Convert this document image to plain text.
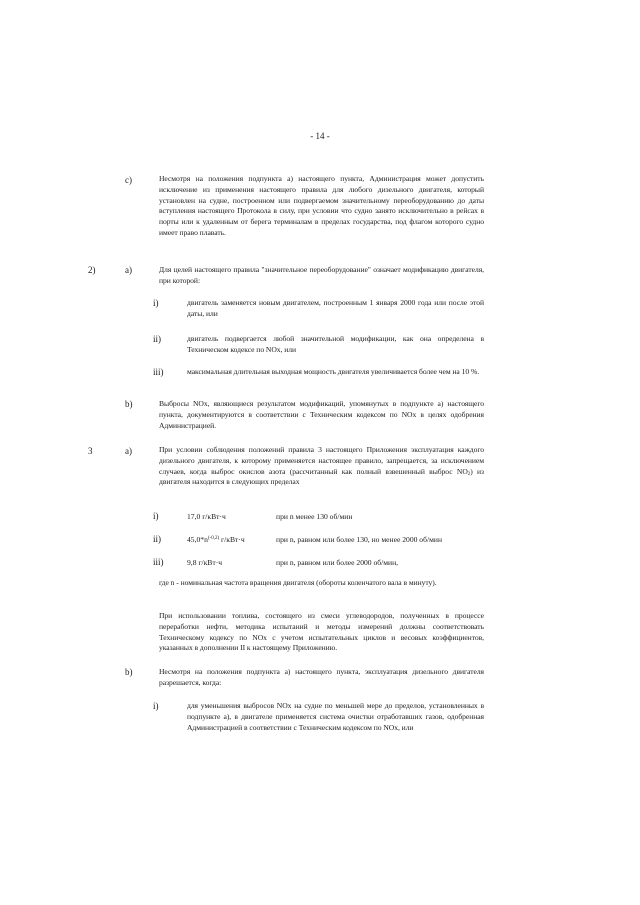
- 14 -
c)	Несмотря на положения подпункта а) настоящего пункта, Администрация может допустить исключение из применения настоящего правила для любого дизельного двигателя, который установлен на судне, построенном или подвергаемом значительному переоборудованию до даты вступления настоящего Протокола в силу, при условии что судно занято исключительно в рейсах в порты или к удаленным от берега терминалам в пределах государства, под флагом которого судно имеет право плавать.
2)	a)	Для целей настоящего правила "значительное переоборудование" означает модификацию двигателя, при которой:
i)	двигатель заменяется новым двигателем, построенным 1 января 2000 года или после этой даты, или
ii)	двигатель подвергается любой значительной модификации, как она определена в Техническом кодексе по NOx, или
iii)	максимальная длительная выходная мощность двигателя увеличивается более чем на 10 %.
b)	Выбросы NOx, являющиеся результатом модификаций, упомянутых в подпункте а) настоящего пункта, документируются в соответствии с Техническим кодексом по NOx в целях одобрения Администрацией.
3	a)	При условии соблюдения положений правила 3 настоящего Приложения эксплуатация каждого дизельного двигателя, к которому применяется настоящее правило, запрещается, за исключением случаев, когда выброс окислов азота (рассчитанный как полный взвешенный выброс $NO_2$) из двигателя находится в следующих пределах
i)	17,0 г/кВт·ч	при n менее 130 об/мин
ii)	$45,0*n^{(-0,2)}$ г/кВт·ч	при n, равном или более 130, но менее 2000 об/мин
iii)	9,8 г/кВт·ч	при n, равном или более 2000 об/мин,
где n - номинальная частота вращения двигателя (обороты коленчатого вала в минуту).
При использовании топлива, состоящего из смеси углеводородов, полученных в процессе переработки нефти, методика испытаний и методы измерений должны соответствовать Техническому кодексу по NOx с учетом испытательных циклов и весовых коэффициентов, указанных в дополнении II к настоящему Приложению.
b)	Несмотря на положения подпункта а) настоящего пункта, эксплуатация дизельного двигателя разрешается, когда:
i)	для уменьшения выбросов NOx на судне по меньшей мере до пределов, установленных в подпункте а), в двигателе применяется система очистки отработавших газов, одобренная Администрацией в соответствии с Техническим кодексом по NOx, или
